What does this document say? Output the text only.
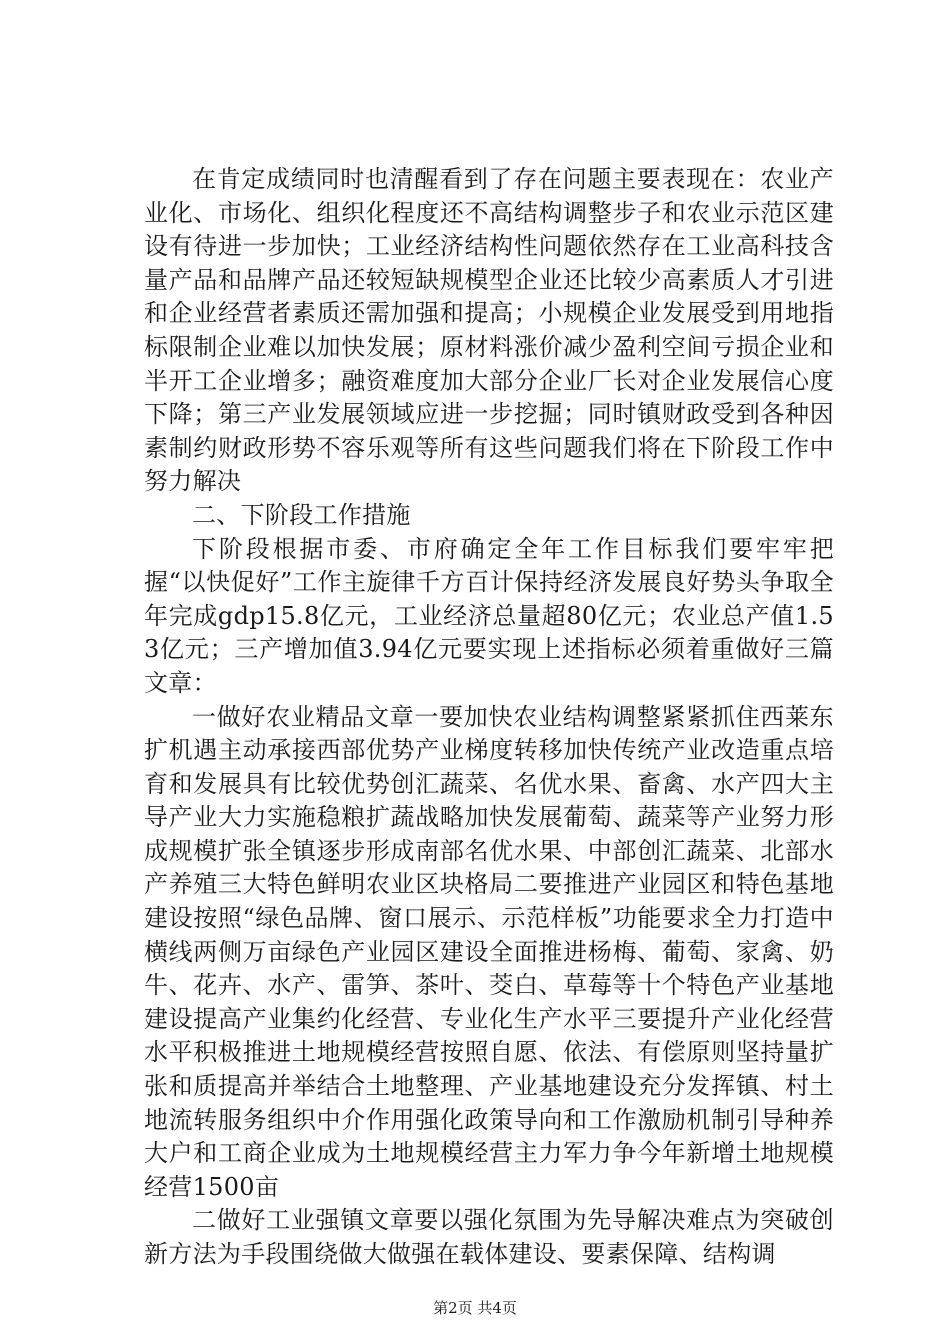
在肯定成绩同时也清醒看到了存在问题主要表现在：农业产业化、市场化、组织化程度还不高结构调整步子和农业示范区建设有待进一步加快；工业经济结构性问题依然存在工业高科技含量产品和品牌产品还较短缺规模型企业还比较少高素质人才引进和企业经营者素质还需加强和提高；小规模企业发展受到用地指标限制企业难以加快发展；原材料涨价减少盈利空间亏损企业和半开工企业增多；融资难度加大部分企业厂长对企业发展信心度下降；第三产业发展领域应进一步挖掘；同时镇财政受到各种因素制约财政形势不容乐观等所有这些问题我们将在下阶段工作中努力解决

二、下阶段工作措施

下阶段根据市委、市府确定全年工作目标我们要牢牢把握“以快促好”工作主旋律千方百计保持经济发展良好势头争取全年完成gdp15.8亿元，工业经济总量超80亿元；农业总产值1.53亿元；三产增加值3.94亿元要实现上述指标必须着重做好三篇文章：

一做好农业精品文章一要加快农业结构调整紧紧抓住西莱东扩机遇主动承接西部优势产业梯度转移加快传统产业改造重点培育和发展具有比较优势创汇蔬菜、名优水果、畜禽、水产四大主导产业大力实施稳粮扩蔬战略加快发展葡萄、蔬菜等产业努力形成规模扩张全镇逐步形成南部名优水果、中部创汇蔬菜、北部水产养殖三大特色鲜明农业区块格局二要推进产业园区和特色基地建设按照“绿色品牌、窗口展示、示范样板”功能要求全力打造中横线两侧万亩绿色产业园区建设全面推进杨梅、葡萄、家禽、奶牛、花卉、水产、雷笋、茶叶、茭白、草莓等十个特色产业基地建设提高产业集约化经营、专业化生产水平三要提升产业化经营水平积极推进土地规模经营按照自愿、依法、有偿原则坚持量扩张和质提高并举结合土地整理、产业基地建设充分发挥镇、村土地流转服务组织中介作用强化政策导向和工作激励机制引导种养大户和工商企业成为土地规模经营主力军力争今年新增土地规模经营1500亩

二做好工业强镇文章要以强化氛围为先导解决难点为突破创新方法为手段围绕做大做强在载体建设、要素保障、结构调

第2页 共4页
